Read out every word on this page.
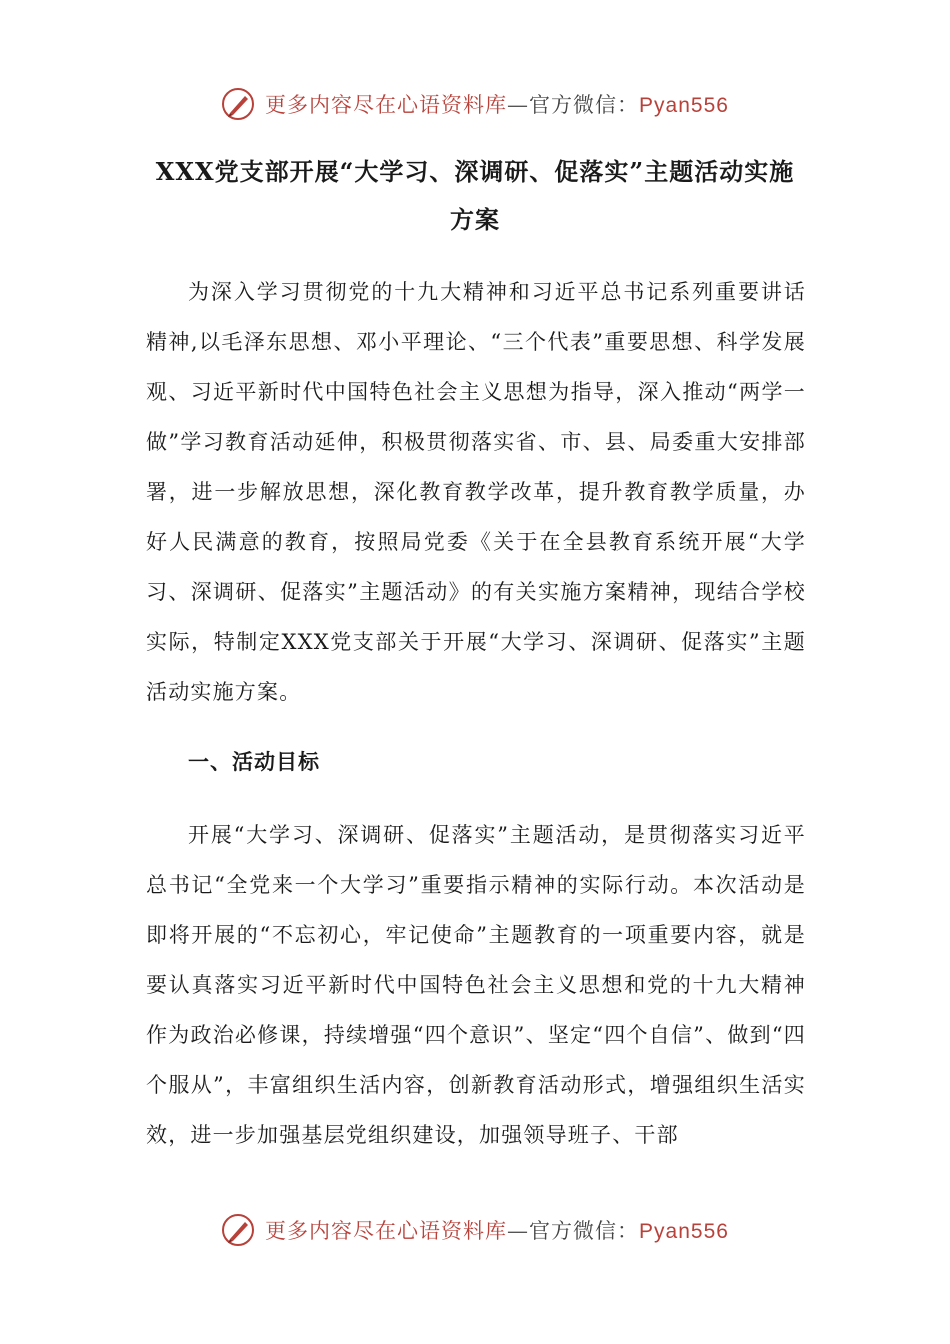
更多内容尽在心语资料库—官方微信：Pyan556
XXX党支部开展“大学习、深调研、促落实”主题活动实施
方案

为深入学习贯彻党的十九大精神和习近平总书记系列重要讲话精神,以毛泽东思想、邓小平理论、“三个代表”重要思想、科学发展观、习近平新时代中国特色社会主义思想为指导，深入推动“两学一做”学习教育活动延伸，积极贯彻落实省、市、县、局委重大安排部署，进一步解放思想，深化教育教学改革，提升教育教学质量，办好人民满意的教育，按照局党委《关于在全县教育系统开展“大学习、深调研、促落实”主题活动》的有关实施方案精神，现结合学校实际，特制定XXX党支部关于开展“大学习、深调研、促落实”主题活动实施方案。

一、活动目标

开展“大学习、深调研、促落实”主题活动，是贯彻落实习近平总书记“全党来一个大学习”重要指示精神的实际行动。本次活动是即将开展的“不忘初心，牢记使命”主题教育的一项重要内容，就是要认真落实习近平新时代中国特色社会主义思想和党的十九大精神作为政治必修课，持续增强“四个意识”、坚定“四个自信”、做到“四个服从”，丰富组织生活内容，创新教育活动形式，增强组织生活实效，进一步加强基层党组织建设，加强领导班子、干部

更多内容尽在心语资料库—官方微信：Pyan556
